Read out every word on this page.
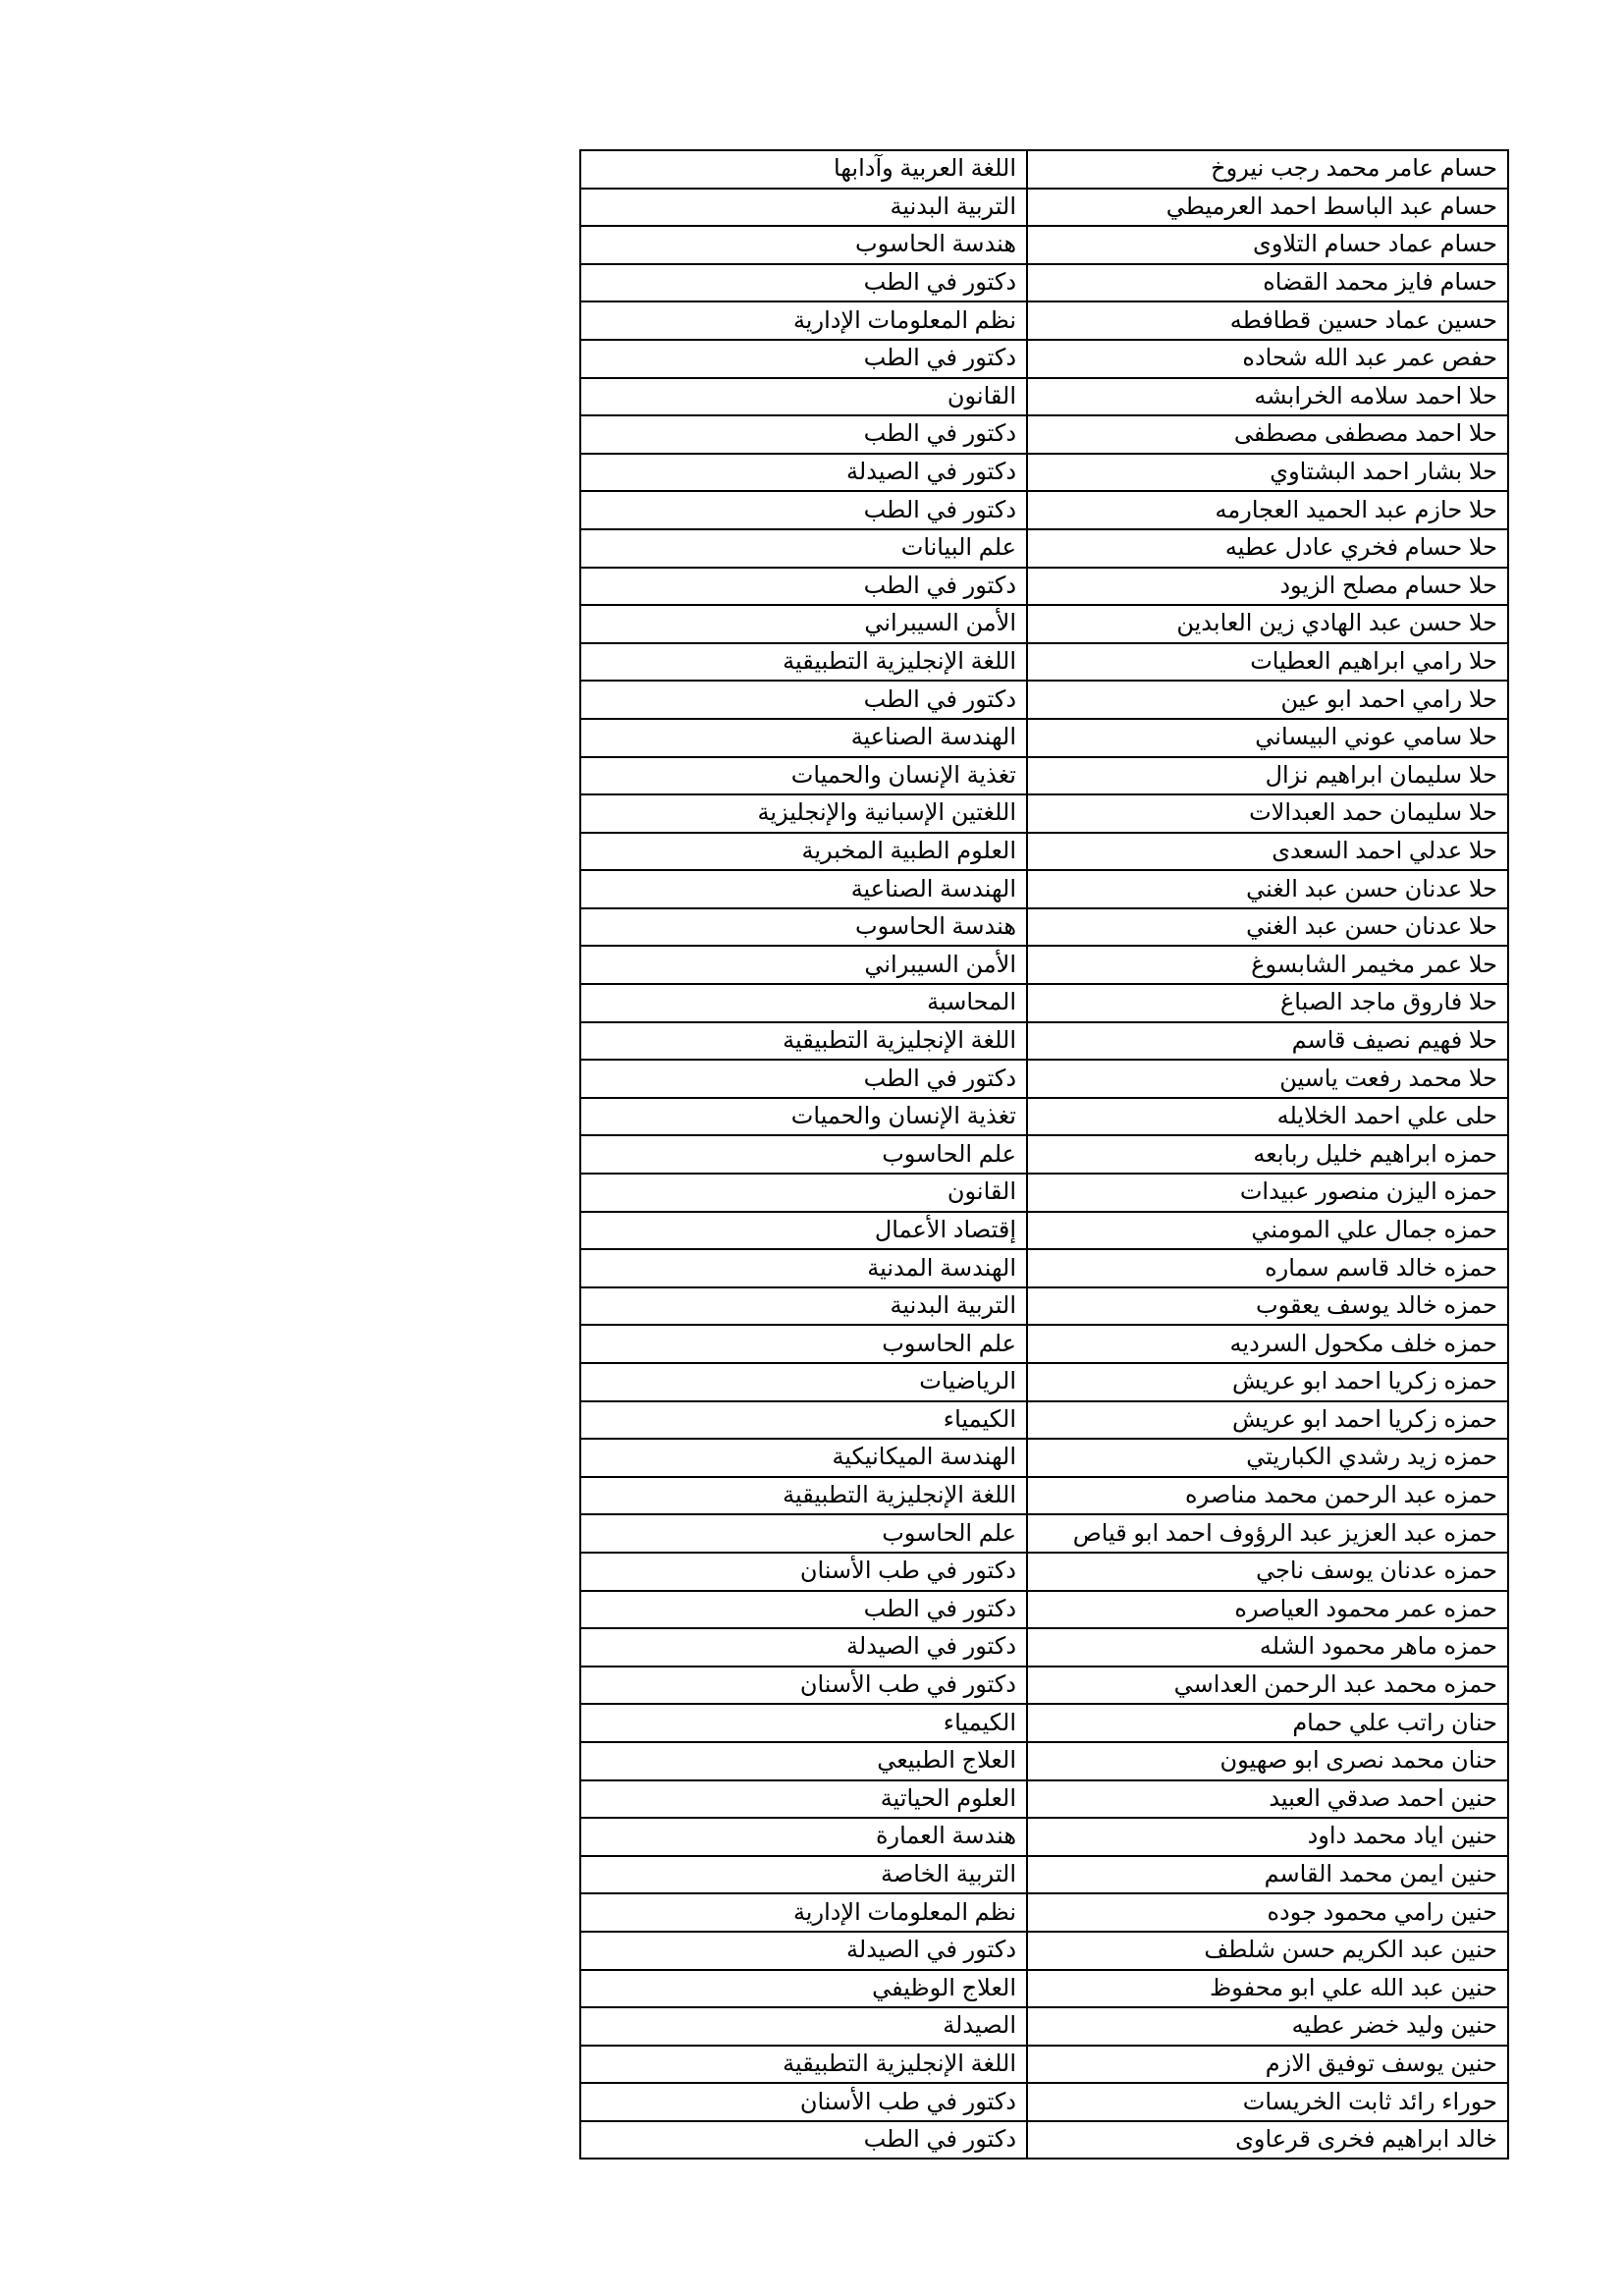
حسام عامر محمد رجب نيروخ	اللغة العربية وآدابها
حسام عبد الباسط احمد العرميطي	التربية البدنية
حسام عماد حسام التلاوى	هندسة الحاسوب
حسام فايز محمد القضاه	دكتور في الطب
حسين عماد حسين قطافطه	نظم المعلومات الإدارية
حفص عمر عبد الله شحاده	دكتور في الطب
حلا احمد سلامه الخرابشه	القانون
حلا احمد مصطفى مصطفى	دكتور في الطب
حلا بشار احمد البشتاوي	دكتور في الصيدلة
حلا حازم عبد الحميد العجارمه	دكتور في الطب
حلا حسام فخري عادل عطيه	علم البيانات
حلا حسام مصلح الزيود	دكتور في الطب
حلا حسن عبد الهادي زين العابدين	الأمن السيبراني
حلا رامي ابراهيم العطيات	اللغة الإنجليزية التطبيقية
حلا رامي احمد ابو عين	دكتور في الطب
حلا سامي عوني البيساني	الهندسة الصناعية
حلا سليمان ابراهيم نزال	تغذية الإنسان والحميات
حلا سليمان حمد العبدالات	اللغتين الإسبانية والإنجليزية
حلا عدلي احمد السعدى	العلوم الطبية المخبرية
حلا عدنان حسن عبد الغني	الهندسة الصناعية
حلا عدنان حسن عبد الغني	هندسة الحاسوب
حلا عمر مخيمر الشابسوغ	الأمن السيبراني
حلا فاروق ماجد الصباغ	المحاسبة
حلا فهيم نصيف قاسم	اللغة الإنجليزية التطبيقية
حلا محمد رفعت ياسين	دكتور في الطب
حلى علي احمد الخلايله	تغذية الإنسان والحميات
حمزه ابراهيم خليل ربابعه	علم الحاسوب
حمزه اليزن منصور عبيدات	القانون
حمزه جمال علي المومني	إقتصاد الأعمال
حمزه خالد قاسم سماره	الهندسة المدنية
حمزه خالد يوسف يعقوب	التربية البدنية
حمزه خلف مكحول السرديه	علم الحاسوب
حمزه زكريا احمد ابو عريش	الرياضيات
حمزه زكريا احمد ابو عريش	الكيمياء
حمزه زيد رشدي الكباريتي	الهندسة الميكانيكية
حمزه عبد الرحمن محمد مناصره	اللغة الإنجليزية التطبيقية
حمزه عبد العزيز عبد الرؤوف احمد ابو قياص	علم الحاسوب
حمزه عدنان يوسف ناجي	دكتور في طب الأسنان
حمزه عمر محمود العياصره	دكتور في الطب
حمزه ماهر محمود الشله	دكتور في الصيدلة
حمزه محمد عبد الرحمن العداسي	دكتور في طب الأسنان
حنان راتب علي حمام	الكيمياء
حنان محمد نصرى ابو صهيون	العلاج الطبيعي
حنين احمد صدقي العبيد	العلوم الحياتية
حنين اياد محمد داود	هندسة العمارة
حنين ايمن محمد القاسم	التربية الخاصة
حنين رامي محمود جوده	نظم المعلومات الإدارية
حنين عبد الكريم حسن شلطف	دكتور في الصيدلة
حنين عبد الله علي ابو محفوظ	العلاج الوظيفي
حنين وليد خضر عطيه	الصيدلة
حنين يوسف توفيق الازم	اللغة الإنجليزية التطبيقية
حوراء رائد ثابت الخريسات	دكتور في طب الأسنان
خالد ابراهيم فخرى قرعاوى	دكتور في الطب
